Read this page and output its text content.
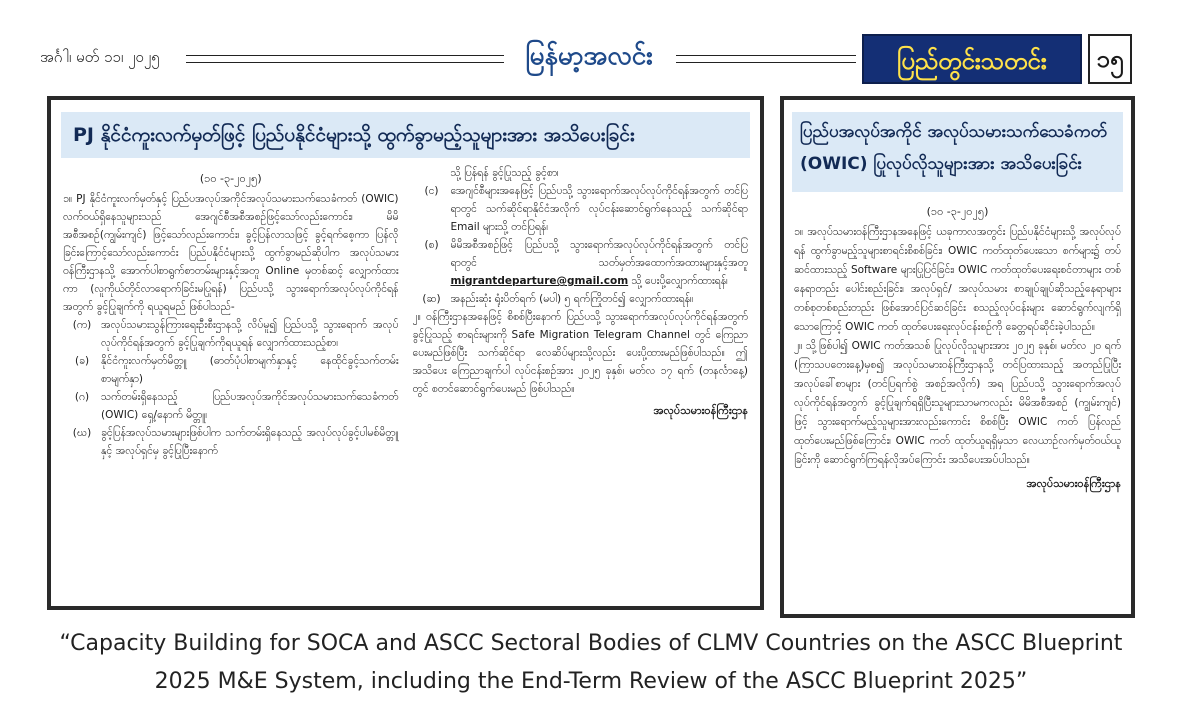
အင်္ဂါ၊ မတ် ၁၁၊ ၂၀၂၅	မြန်မာ့အလင်း	ပြည်တွင်းသတင်း	၁၅
PJ နိုင်ငံကူးလက်မှတ်ဖြင့် ပြည်ပနိုင်ငံများသို့ ထွက်ခွာမည့်သူများအား အသိပေးခြင်း
(၁၀ -၃-၂၀၂၅)

၁။ PJ နိုင်ငံကူးလက်မှတ်နှင့် ပြည်ပအလုပ်အကိုင်အလုပ်သမားသက်သေခံကတ် (OWIC) လက်ဝယ်ရှိနေသူများသည် အေဂျင်စီအစီအစဉ်ဖြင့်သော်လည်းကောင်း၊ မိမိအစီအစဉ်(ကျွမ်းကျင်) ဖြင့်သော်လည်းကောင်း၊ ခွင့်ပြန်လာသဖြင့် ခွင့်ရက်စေ့ကာ ပြန်လိုခြင်းကြောင့်သော်လည်းကောင်း ပြည်ပနိုင်ငံများသို့ ထွက်ခွာမည်ဆိုပါက အလုပ်သမားဝန်ကြီးဌာနသို့ အောက်ပါစာရွက်စာတမ်းများနှင့်အတူ Online မှတစ်ဆင့် လျှောက်ထားကာ (လူကိုယ်တိုင်လာရောက်ခြင်းမပြုရန်) ပြည်ပသို့ သွားရောက်အလုပ်လုပ်ကိုင်ရန်အတွက် ခွင့်ပြုချက်ကို ရယူရမည် ဖြစ်ပါသည်-

(က) အလုပ်သမားသွန်ကြားရေးဦးစီးဌာနသို့ လိပ်မူ၍ ပြည်ပသို့ သွားရောက် အလုပ်လုပ်ကိုင်ရန်အတွက် ခွင့်ပြုချက်ကိုရယူရန် လျှောက်ထားသည့်စာ၊
(ခ)	နိုင်ငံကူးလက်မှတ်မိတ္တူ (ဓာတ်ပုံပါစာမျက်နှာနှင့် နေထိုင်ခွင့်သက်တမ်း စာမျက်နှာ)
(ဂ)	သက်တမ်းရှိနေသည့် ပြည်ပအလုပ်အကိုင်အလုပ်သမားသက်သေခံကတ် (OWIC) ရှေ့/နောက် မိတ္တူ၊
(ဃ) ခွင့်ပြန်အလုပ်သမားများဖြစ်ပါက သက်တမ်းရှိနေသည့် အလုပ်လုပ်ခွင့်ပါမစ်မိတ္တူနှင့် အလုပ်ရှင်မှ ခွင့်ပြုပြီးနောက်
သို့ ပြန်ရန် ခွင့်ပြုသည့် ခွင့်စာ၊
(င)	အေဂျင်စီများအနေဖြင့် ပြည်ပသို့ သွားရောက်အလုပ်လုပ်ကိုင်ရန်အတွက် တင်ပြရာတွင် သက်ဆိုင်ရာနိုင်ငံအလိုက် လုပ်ငန်းဆောင်ရွက်နေသည့် သက်ဆိုင်ရာ Email များသို့ တင်ပြရန်၊
(စ)	မိမိအစီအစဉ်ဖြင့် ပြည်ပသို့ သွားရောက်အလုပ်လုပ်ကိုင်ရန်အတွက် တင်ပြရာတွင် သတ်မှတ်အထောက်အထားများနှင့်အတူ migrantdeparture@gmail.com သို့ ပေးပို့လျှောက်ထားရန်၊
(ဆ) အနည်းဆုံး ရုံးပိတ်ရက် (မပါ) ၅ ရက်ကြိုတင်၍ လျှောက်ထားရန်။

၂။ ဝန်ကြီးဌာနအနေဖြင့် စိစစ်ပြီးနောက် ပြည်ပသို့ သွားရောက်အလုပ်လုပ်ကိုင်ရန်အတွက် ခွင့်ပြုသည့် စာရင်းများကို Safe Migration Telegram Channel တွင် ကြေညာပေးမည်ဖြစ်ပြီး သက်ဆိုင်ရာ လေဆိပ်များသို့လည်း ပေးပို့ထားမည်ဖြစ်ပါသည်။ ဤအသိပေး ကြေညာချက်ပါ လုပ်ငန်းစဉ်အား ၂၀၂၅ ခုနှစ်၊ မတ်လ ၁၇ ရက် (တနင်္လာနေ့) တွင် စတင်ဆောင်ရွက်ပေးမည် ဖြစ်ပါသည်။

အလုပ်သမားဝန်ကြီးဌာန
ပြည်ပအလုပ်အကိုင် အလုပ်သမားသက်သေခံကတ် (OWIC) ပြုလုပ်လိုသူများအား အသိပေးခြင်း
(၁၀ -၃-၂၀၂၅)

၁။ အလုပ်သမားဝန်ကြီးဌာနအနေဖြင့် ယခုကာလအတွင်း ပြည်ပနိုင်ငံများသို့ အလုပ်လုပ်ရန် ထွက်ခွာမည့်သူများစာရင်းစိစစ်ခြင်း၊ OWIC ကတ်ထုတ်ပေးသော စက်များ၌ တပ်ဆင်ထားသည့် Software များပြုပြင်ခြင်း၊ OWIC ကတ်ထုတ်ပေးရေးစင်တာများ တစ်နေရာတည်း ပေါင်းစည်းခြင်း၊ အလုပ်ရှင်/ အလုပ်သမား စာချုပ်ချုပ်ဆိုသည့်နေရာများ တစ်စုတစ်စည်းတည်း ဖြစ်အောင်ပြင်ဆင်ခြင်း စသည့်လုပ်ငန်းများ ဆောင်ရွက်လျက်ရှိသောကြောင့် OWIC ကတ် ထုတ်ပေးရေးလုပ်ငန်းစဉ်ကို ခေတ္တရပ်ဆိုင်းခဲ့ပါသည်။

၂။ သို့ဖြစ်ပါ၍ OWIC ကတ်အသစ် ပြုလုပ်လိုသူများအား ၂၀၂၅ ခုနှစ်၊ မတ်လ ၂၀ ရက် (ကြာသပတေးနေ့)မှစ၍ အလုပ်သမားဝန်ကြီးဌာနသို့ တင်ပြထားသည့် အတည်ပြုပြီး အလုပ်ခေါ်စာများ (တင်ပြရက်စွဲ အစဉ်အလိုက်) အရ ပြည်ပသို့ သွားရောက်အလုပ်လုပ်ကိုင်ရန်အတွက် ခွင့်ပြုချက်ရရှိပြီးသူများသာမကလည်း မိမိအစီအစဉ် (ကျွမ်းကျင်) ဖြင့် သွားရောက်မည့်သူများအားလည်းကောင်း စိစစ်ပြီး OWIC ကတ် ပြန်လည်ထုတ်ပေးမည်ဖြစ်ကြောင်း၊ OWIC ကတ် ထုတ်ယူရရှိမှသာ လေယာဉ်လက်မှတ်ဝယ်ယူခြင်းကို ဆောင်ရွက်ကြရန်လိုအပ်ကြောင်း အသိပေးအပ်ပါသည်။

အလုပ်သမားဝန်ကြီးဌာန
“Capacity Building for SOCA and ASCC Sectoral Bodies of CLMV Countries on the ASCC Blueprint
2025 M&E System, including the End-Term Review of the ASCC Blueprint 2025”
